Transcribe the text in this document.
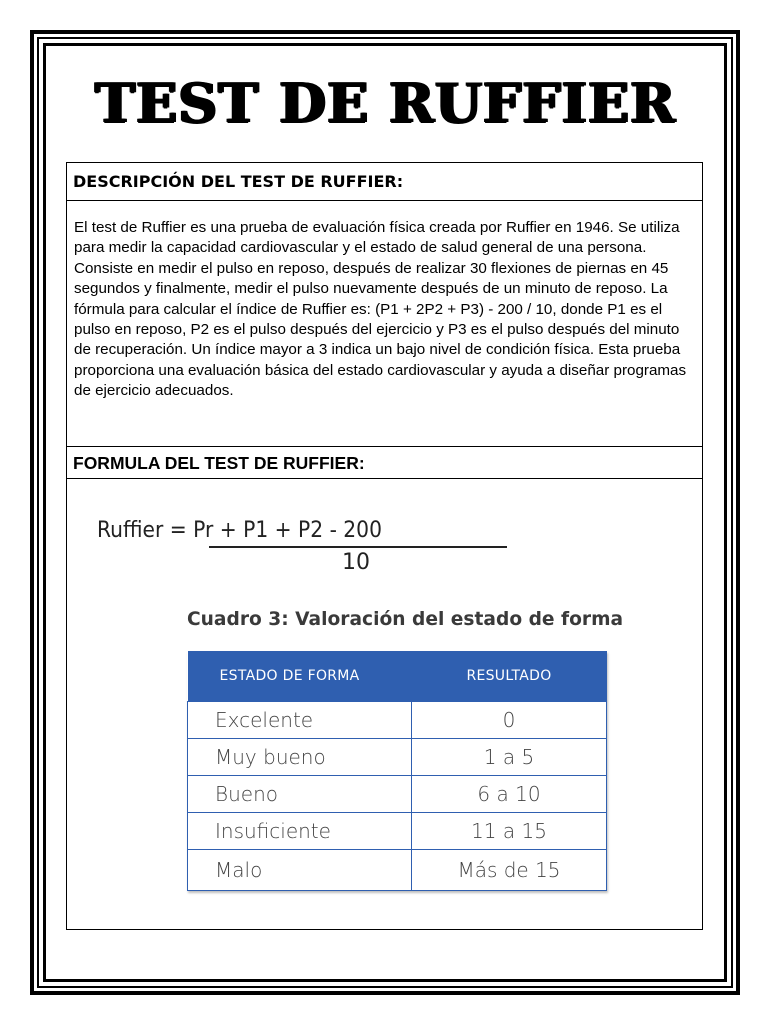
TEST DE RUFFIER
DESCRIPCIÓN DEL TEST DE RUFFIER:
El test de Ruffier es una prueba de evaluación física creada por Ruffier en 1946. Se utiliza para medir la capacidad cardiovascular y el estado de salud general de una persona. Consiste en medir el pulso en reposo, después de realizar 30 flexiones de piernas en 45 segundos y finalmente, medir el pulso nuevamente después de un minuto de reposo. La fórmula para calcular el índice de Ruffier es: (P1 + 2P2 + P3) - 200 / 10, donde P1 es el pulso en reposo, P2 es el pulso después del ejercicio y P3 es el pulso después del minuto de recuperación. Un índice mayor a 3 indica un bajo nivel de condición física. Esta prueba proporciona una evaluación básica del estado cardiovascular y ayuda a diseñar programas de ejercicio adecuados.
FORMULA DEL TEST DE RUFFIER:
Ruffier = Pr + P1 + P2 - 200
10
Cuadro 3: Valoración del estado de forma
ESTADO DE FORMA	RESULTADO
Excelente	0
Muy bueno	1 a 5
Bueno	6 a 10
Insuficiente	11 a 15
Malo	Más de 15
